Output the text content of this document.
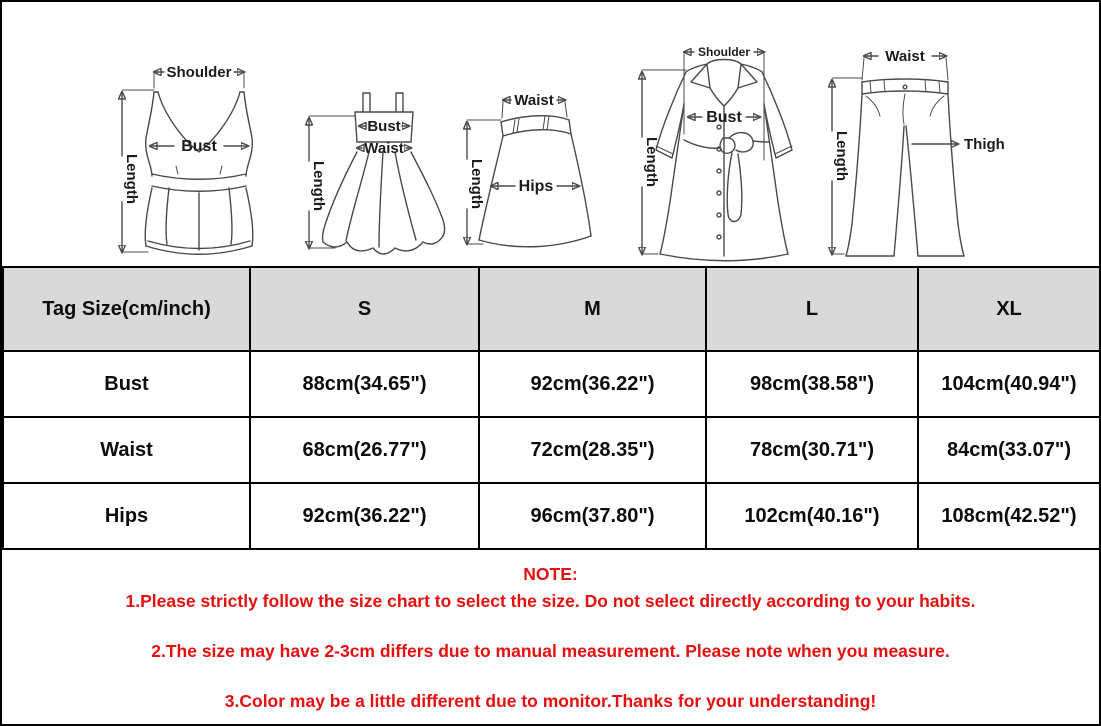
Shoulder
Bust
Length
Bust
Waist
Length
Waist
Hips
Length
Shoulder
Bust
Length
Waist
Thigh
Length
Tag Size(cm/inch)	S	M	L	XL
Bust	88cm(34.65")	92cm(36.22")	98cm(38.58")	104cm(40.94")
Waist	68cm(26.77")	72cm(28.35")	78cm(30.71")	84cm(33.07")
Hips	92cm(36.22")	96cm(37.80")	102cm(40.16")	108cm(42.52")
NOTE:
1.Please strictly follow the size chart to select the size. Do not select directly according to your habits.
2.The size may have 2-3cm differs due to manual measurement. Please note when you measure.
3.Color may be a little different due to monitor.Thanks for your understanding!
